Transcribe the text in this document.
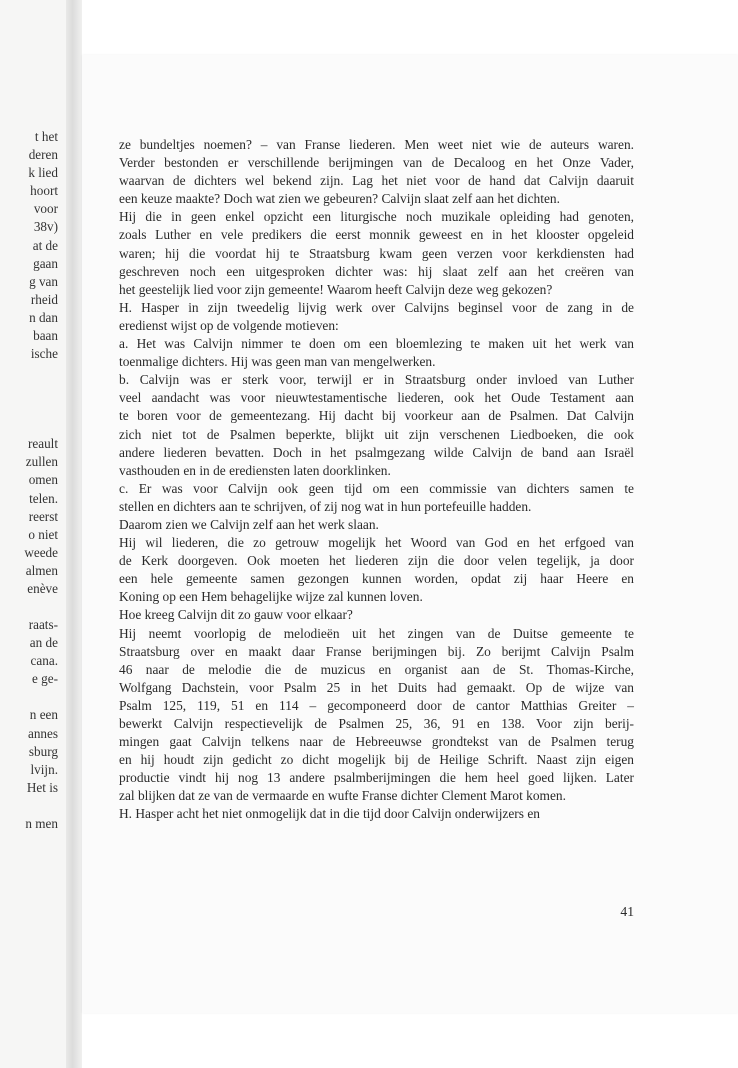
t het
deren
k lied
hoort
voor
38v)
at de
gaan
g van
rheid
n dan
baan
ische
reault
zullen
omen
telen.
reerst
o niet
weede
almen
enève
raats-
an de
cana.
e ge-
n een
annes
sburg
lvijn.
Het is
n men

ze bundeltjes noemen? – van Franse liederen. Men weet niet wie de auteurs waren.

Verder bestonden er verschillende berijmingen van de Decaloog en het Onze Vader,

waarvan de dichters wel bekend zijn. Lag het niet voor de hand dat Calvijn daaruit

een keuze maakte? Doch wat zien we gebeuren? Calvijn slaat zelf aan het dichten.

Hij die in geen enkel opzicht een liturgische noch muzikale opleiding had genoten,

zoals Luther en vele predikers die eerst monnik geweest en in het klooster opgeleid

waren; hij die voordat hij te Straatsburg kwam geen verzen voor kerkdiensten had

geschreven noch een uitgesproken dichter was: hij slaat zelf aan het creëren van

het geestelijk lied voor zijn gemeente! Waarom heeft Calvijn deze weg gekozen?

H. Hasper in zijn tweedelig lijvig werk over Calvijns beginsel voor de zang in de

eredienst wijst op de volgende motieven:

a. Het was Calvijn nimmer te doen om een bloemlezing te maken uit het werk van

toenmalige dichters. Hij was geen man van mengelwerken.

b. Calvijn was er sterk voor, terwijl er in Straatsburg onder invloed van Luther

veel aandacht was voor nieuwtestamentische liederen, ook het Oude Testament aan

te boren voor de gemeentezang. Hij dacht bij voorkeur aan de Psalmen. Dat Calvijn

zich niet tot de Psalmen beperkte, blijkt uit zijn verschenen Liedboeken, die ook

andere liederen bevatten. Doch in het psalmgezang wilde Calvijn de band aan Israël

vasthouden en in de erediensten laten doorklinken.

c. Er was voor Calvijn ook geen tijd om een commissie van dichters samen te

stellen en dichters aan te schrijven, of zij nog wat in hun portefeuille hadden.

Daarom zien we Calvijn zelf aan het werk slaan.

Hij wil liederen, die zo getrouw mogelijk het Woord van God en het erfgoed van

de Kerk doorgeven. Ook moeten het liederen zijn die door velen tegelijk, ja door

een hele gemeente samen gezongen kunnen worden, opdat zij haar Heere en

Koning op een Hem behagelijke wijze zal kunnen loven.

Hoe kreeg Calvijn dit zo gauw voor elkaar?

Hij neemt voorlopig de melodieën uit het zingen van de Duitse gemeente te

Straatsburg over en maakt daar Franse berijmingen bij. Zo berijmt Calvijn Psalm

46 naar de melodie die de muzicus en organist aan de St. Thomas-Kirche,

Wolfgang Dachstein, voor Psalm 25 in het Duits had gemaakt. Op de wijze van

Psalm 125, 119, 51 en 114 – gecomponeerd door de cantor Matthias Greiter –

bewerkt Calvijn respectievelijk de Psalmen 25, 36, 91 en 138. Voor zijn berij-

mingen gaat Calvijn telkens naar de Hebreeuwse grondtekst van de Psalmen terug

en hij houdt zijn gedicht zo dicht mogelijk bij de Heilige Schrift. Naast zijn eigen

productie vindt hij nog 13 andere psalmberijmingen die hem heel goed lijken. Later

zal blijken dat ze van de vermaarde en wufte Franse dichter Clement Marot komen.

H. Hasper acht het niet onmogelijk dat in die tijd door Calvijn onderwijzers en

41
